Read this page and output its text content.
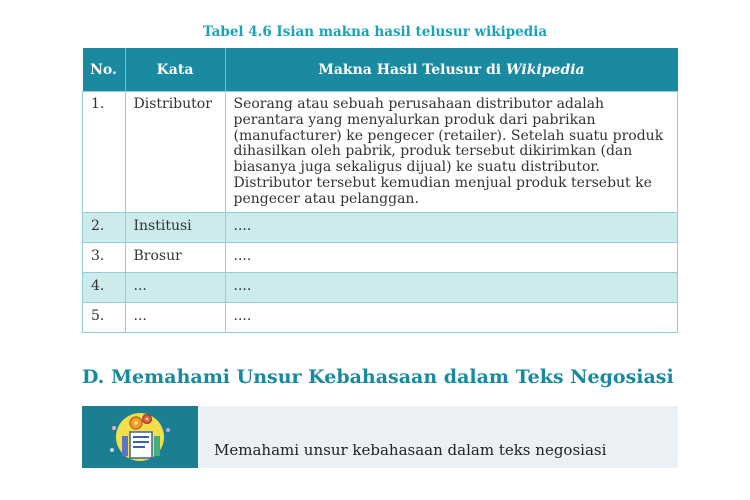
Tabel 4.6 Isian makna hasil telusur wikipedia
No.	Kata	Makna Hasil Telusur di Wikipedia
1.	Distributor	Seorang atau sebuah perusahaan distributor adalah perantara yang menyalurkan produk dari pabrikan (manufacturer) ke pengecer (retailer). Setelah suatu produk dihasilkan oleh pabrik, produk tersebut dikirimkan (dan biasanya juga sekaligus dijual) ke suatu distributor. Distributor tersebut kemudian menjual produk tersebut ke pengecer atau pelanggan.
2.	Institusi	....
3.	Brosur	....
4.	...	....
5.	...	....
D. Memahami Unsur Kebahasaan dalam Teks Negosiasi
Memahami unsur kebahasaan dalam teks negosiasi
